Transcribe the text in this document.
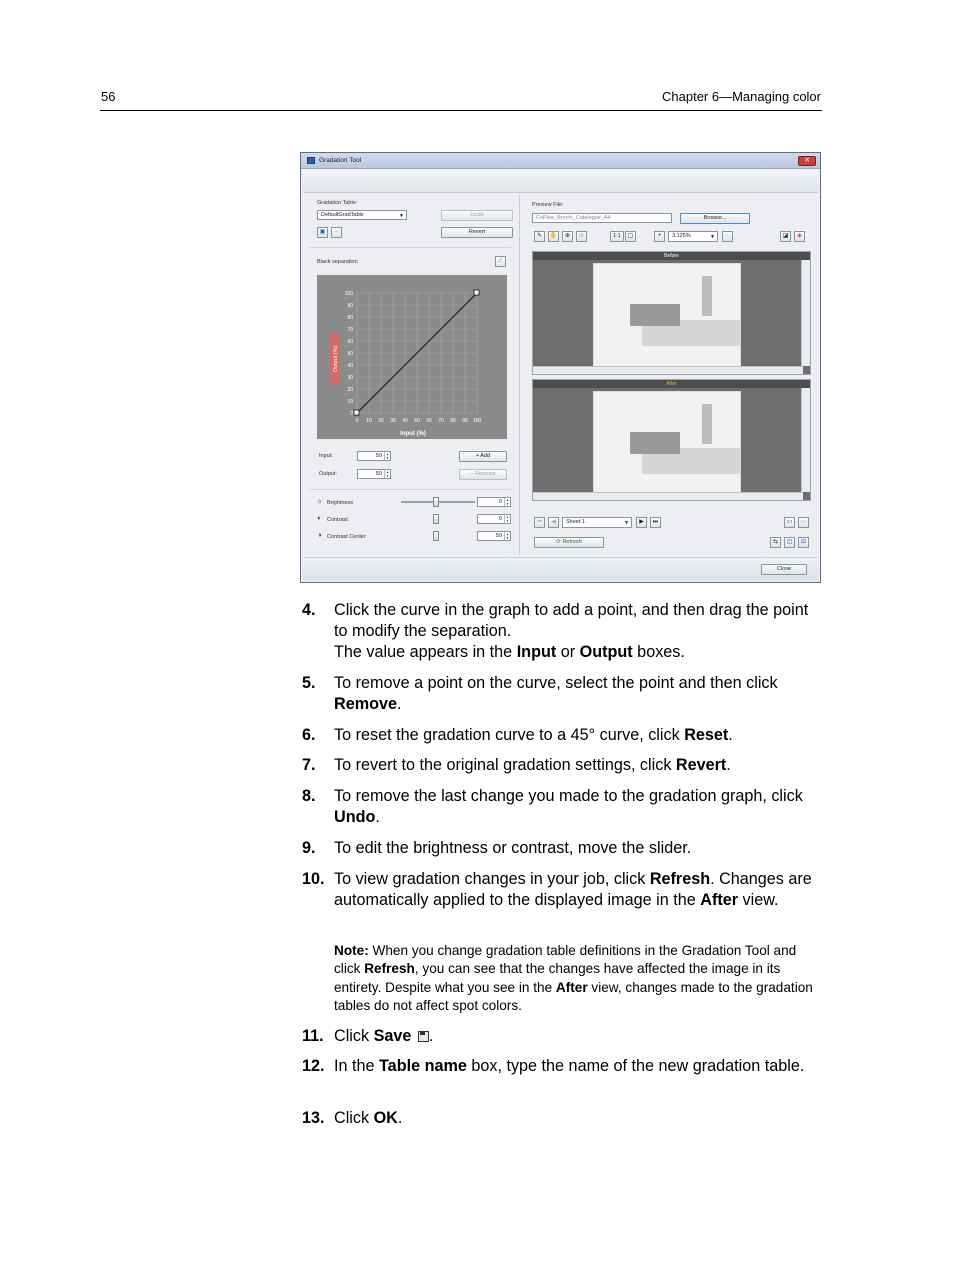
56	Chapter 6—Managing color
Gradation Tool	✕
Gradation Table:
DefaultGradTable	▼	Undo
▣	–	Revert
Black separation	⟋
100
90
80
70
60
50
40
30
20
10
0
0 10 20 30 40 50 60 70 80 90 100
Output (%)
Input (%)
Input:	50	▲
▼	+ Add
Output:	50	▲
▼	− Remove
☼ Brightness	0	▲
▼
◐ Contrast	0	▲
▼
◑ Contrast Center	50	▲
▼
Preview File:
CoPlee_Brochi_Catalogue_A4	Browse...
✎	✋	⊕	⊖	1:1	▢	+	3.125%	▼	–	◪	◈
Before
After
⏮	◀	Sheet 1	▼	▶	⏭	▭	▭
⟳ Refresh	⇆	◫	⊟
Close
4.	Click the curve in the graph to add a point, and then drag the point to modify the separation.
The value appears in the Input or Output boxes.
5.	To remove a point on the curve, select the point and then click Remove.
6.	To reset the gradation curve to a 45° curve, click Reset.
7.	To revert to the original gradation settings, click Revert.
8.	To remove the last change you made to the gradation graph, click Undo.
9.	To edit the brightness or contrast, move the slider.
10. To view gradation changes in your job, click Refresh. Changes are automatically applied to the displayed image in the After view.
11. Click Save .
12. In the Table name box, type the name of the new gradation table.
13. Click OK.
Note: When you change gradation table definitions in the Gradation Tool and click Refresh, you can see that the changes have affected the image in its entirety. Despite what you see in the After view, changes made to the gradation tables do not affect spot colors.
